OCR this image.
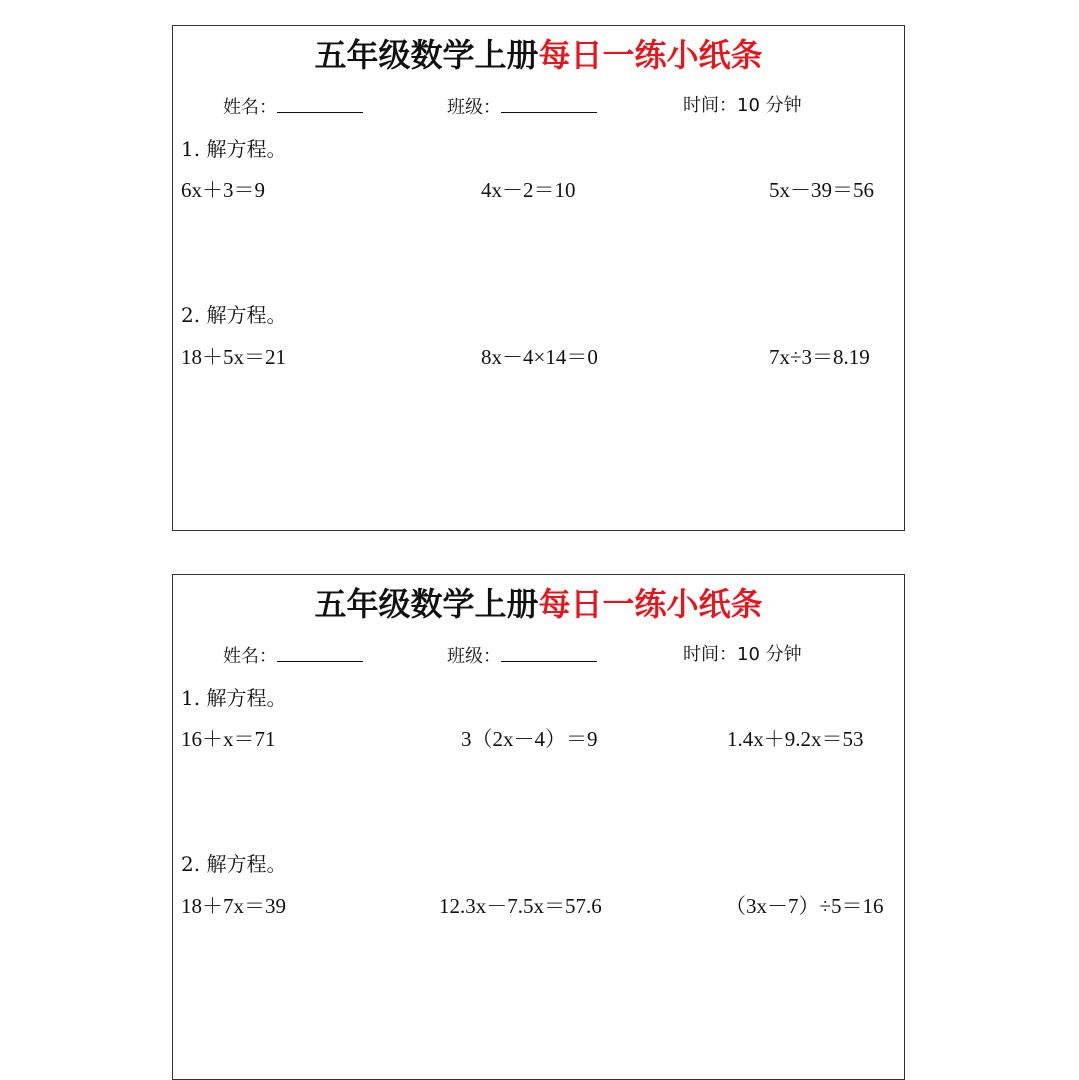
五年级数学上册每日一练小纸条
姓名：	班级：	时间：10 分钟
1. 解方程。
6x＋3＝9	4x－2＝10	5x－39＝56
2. 解方程。
18＋5x＝21	8x－4×14＝0	7x÷3＝8.19
五年级数学上册每日一练小纸条
姓名：	班级：	时间：10 分钟
1. 解方程。
16＋x＝71	3（2x－4）＝9	1.4x＋9.2x＝53
2. 解方程。
18＋7x＝39	12.3x－7.5x＝57.6	（3x－7）÷5＝16
